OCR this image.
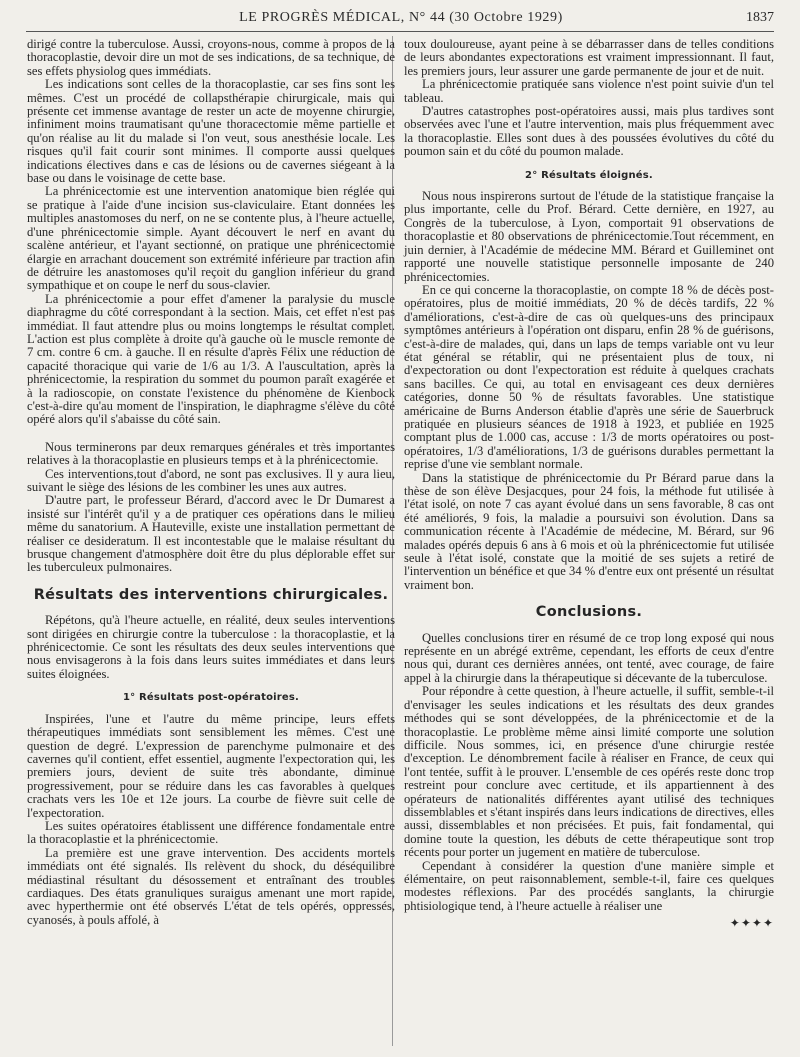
LE PROGRÈS MÉDICAL, N° 44 (30 Octobre 1929)	1837

dirigé contre la tuberculose. Aussi, croyons-nous, comme à propos de la thoracoplastie, devoir dire un mot de ses indications, de sa technique, de ses effets physiolog ques immédiats.

Les indications sont celles de la thoracoplastie, car ses fins sont les mêmes. C'est un procédé de collapsthérapie chirurgicale, mais qui présente cet immense avantage de rester un acte de moyenne chirurgie, infiniment moins traumatisant qu'une thoracectomie même partielle et qu'on réalise au lit du malade si l'on veut, sous anesthésie locale. Les risques qu'il fait courir sont minimes. Il comporte aussi quelques indications électives dans e cas de lésions ou de cavernes siégeant à la base ou dans le voisinage de cette base.

La phrénicectomie est une intervention anatomique bien réglée qui se pratique à l'aide d'une incision sus-claviculaire. Etant données les multiples anastomoses du nerf, on ne se contente plus, à l'heure actuelle, d'une phrénicectomie simple. Ayant découvert le nerf en avant du scalène antérieur, et l'ayant sectionné, on pratique une phrénicectomie élargie en arrachant doucement son extrémité inférieure par traction afin de détruire les anastomoses qu'il reçoit du ganglion inférieur du grand sympathique et on coupe le nerf du sous-clavier.

La phrénicectomie a pour effet d'amener la paralysie du muscle diaphragme du côté correspondant à la section. Mais, cet effet n'est pas immédiat. Il faut attendre plus ou moins longtemps le résultat complet. L'action est plus complète à droite qu'à gauche où le muscle remonte de 7 cm. contre 6 cm. à gauche. Il en résulte d'après Félix une réduction de capacité thoracique qui varie de 1/6 au 1/3. A l'auscultation, après la phrénicectomie, la respiration du sommet du poumon paraît exagérée et à la radioscopie, on constate l'existence du phénomène de Kienbock c'est-à-dire qu'au moment de l'inspiration, le diaphragme s'élève du côté opéré alors qu'il s'abaisse du côté sain.

Nous terminerons par deux remarques générales et très importantes relatives à la thoracoplastie en plusieurs temps et à la phrénicectomie.

Ces interventions,tout d'abord, ne sont pas exclusives. Il y aura lieu, suivant le siège des lésions de les combiner les unes aux autres.

D'autre part, le professeur Bérard, d'accord avec le Dr Dumarest a insisté sur l'intérêt qu'il y a de pratiquer ces opérations dans le milieu même du sanatorium. A Hauteville, existe une installation permettant de réaliser ce desideratum. Il est incontestable que le malaise résultant du brusque changement d'atmosphère doit être du plus déplorable effet sur les tuberculeux pulmonaires.

Résultats des interventions chirurgicales.

Répétons, qu'à l'heure actuelle, en réalité, deux seules interventions sont dirigées en chirurgie contre la tuberculose : la thoracoplastie, et la phrénicectomie. Ce sont les résultats des deux seules interventions que nous envisagerons à la fois dans leurs suites immédiates et dans leurs suites éloignées.

1° Résultats post-opératoires.

Inspirées, l'une et l'autre du même principe, leurs effets thérapeutiques immédiats sont sensiblement les mêmes. C'est une question de degré. L'expression de parenchyme pulmonaire et des cavernes qu'il contient, effet essentiel, augmente l'expectoration qui, les premiers jours, devient de suite très abondante, diminue progressivement, pour se réduire dans les cas favorables à quelques crachats vers les 10e et 12e jours. La courbe de fièvre suit celle de l'expectoration.

Les suites opératoires établissent une différence fondamentale entre la thoracoplastie et la phrénicectomie.

La première est une grave intervention. Des accidents mortels immédiats ont été signalés. Ils relèvent du shock, du déséquilibre médiastinal résultant du désossement et entraînant des troubles cardiaques. Des états granuliques suraigus amenant une mort rapide, avec hyperthermie ont été observés L'état de tels opérés, oppressés, cyanosés, à pouls affolé, à

toux douloureuse, ayant peine à se débarrasser dans de telles conditions de leurs abondantes expectorations est vraiment impressionnant. Il faut, les premiers jours, leur assurer une garde permanente de jour et de nuit.

La phrénicectomie pratiquée sans violence n'est point suivie d'un tel tableau.

D'autres catastrophes post-opératoires aussi, mais plus tardives sont observées avec l'une et l'autre intervention, mais plus fréquemment avec la thoracoplastie. Elles sont dues à des poussées évolutives du côté du poumon sain et du côté du poumon malade.

2° Résultats éloignés.

Nous nous inspirerons surtout de l'étude de la statistique française la plus importante, celle du Prof. Bérard. Cette dernière, en 1927, au Congrès de la tuberculose, à Lyon, comportait 91 observations de thoracoplastie et 80 observations de phrénicectomie.Tout récemment, en juin dernier, à l'Académie de médecine MM. Bérard et Guilleminet ont rapporté une nouvelle statistique personnelle imposante de 240 phrénicectomies.

En ce qui concerne la thoracoplastie, on compte 18 % de décès post-opératoires, plus de moitié immédiats, 20 % de décès tardifs, 22 % d'améliorations, c'est-à-dire de cas où quelques-uns des principaux symptômes antérieurs à l'opération ont disparu, enfin 28 % de guérisons, c'est-à-dire de malades, qui, dans un laps de temps variable ont vu leur état général se rétablir, qui ne présentaient plus de toux, ni d'expectoration ou dont l'expectoration est réduite à quelques crachats sans bacilles. Ce qui, au total en envisageant ces deux dernières catégories, donne 50 % de résultats favorables. Une statistique américaine de Burns Anderson établie d'après une série de Sauerbruck pratiquée en plusieurs séances de 1918 à 1923, et publiée en 1925 comptant plus de 1.000 cas, accuse : 1/3 de morts opératoires ou post-opératoires, 1/3 d'améliorations, 1/3 de guérisons durables permettant la reprise d'une vie semblant normale.

Dans la statistique de phrénicectomie du Pr Bérard parue dans la thèse de son élève Desjacques, pour 24 fois, la méthode fut utilisée à l'état isolé, on note 7 cas ayant évolué dans un sens favorable, 8 cas ont été améliorés, 9 fois, la maladie a poursuivi son évolution. Dans sa communication récente à l'Académie de médecine, M. Bérard, sur 96 malades opérés depuis 6 ans à 6 mois et où la phrénicectomie fut utilisée seule à l'état isolé, constate que la moitié de ses sujets a retiré de l'intervention un bénéfice et que 34 % d'entre eux ont présenté un résultat vraiment bon.

Conclusions.

Quelles conclusions tirer en résumé de ce trop long exposé qui nous représente en un abrégé extrême, cependant, les efforts de ceux d'entre nous qui, durant ces dernières années, ont tenté, avec courage, de faire appel à la chirurgie dans la thérapeutique si décevante de la tuberculose.

Pour répondre à cette question, à l'heure actuelle, il suffit, semble-t-il d'envisager les seules indications et les résultats des deux grandes méthodes qui se sont développées, de la phrénicectomie et de la thoracoplastie. Le problème même ainsi limité comporte une solution difficile. Nous sommes, ici, en présence d'une chirurgie restée d'exception. Le dénombrement facile à réaliser en France, de ceux qui l'ont tentée, suffit à le prouver. L'ensemble de ces opérés reste donc trop restreint pour conclure avec certitude, et ils appartiennent à des opérateurs de nationalités différentes ayant utilisé des techniques dissemblables et s'étant inspirés dans leurs indications de directives, elles aussi, dissemblables et non précisées. Et puis, fait fondamental, qui domine toute la question, les débuts de cette thérapeutique sont trop récents pour porter un jugement en matière de tuberculose.

Cependant à considérer la question d'une manière simple et élémentaire, on peut raisonnablement, semble-t-il, faire ces quelques modestes réflexions. Par des procédés sanglants, la chirurgie phtisiologique tend, à l'heure actuelle à réaliser une

✦✦✦✦
